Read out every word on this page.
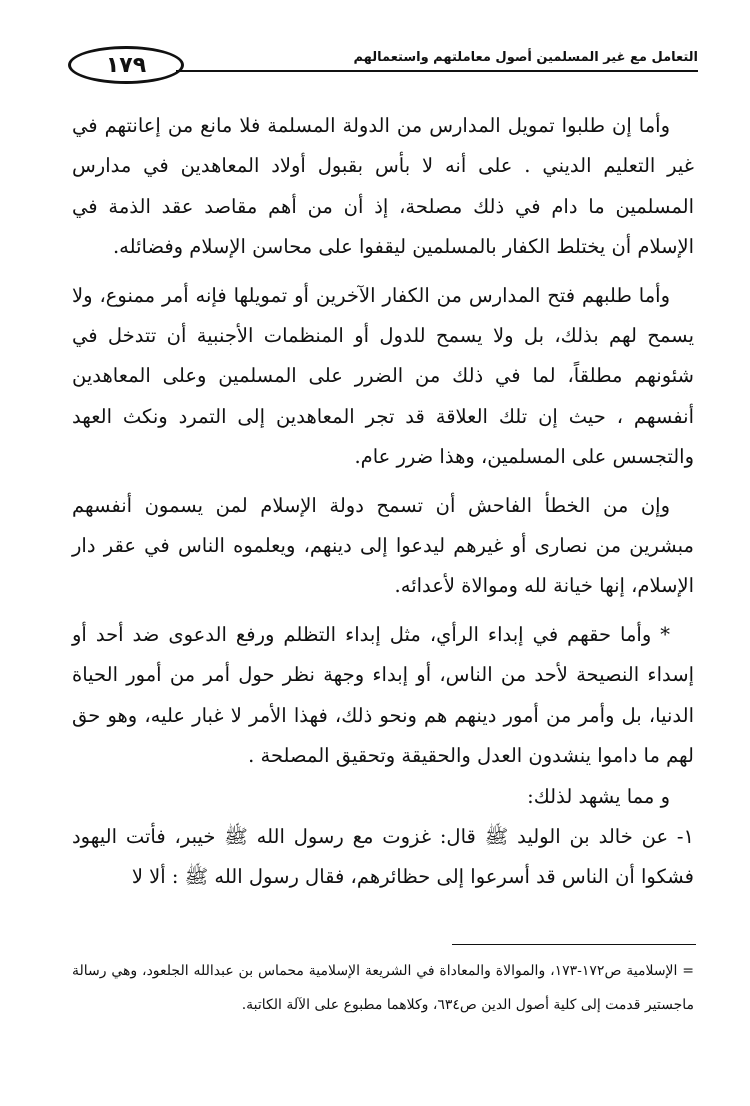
١٧٩	التعامل مع غير المسلمين أصول معاملتهم واستعمالهم

وأما إن طلبوا تمويل المدارس من الدولة المسلمة فلا مانع من إعانتهم في غير التعليم الديني . على أنه لا بأس بقبول أولاد المعاهدين في مدارس المسلمين ما دام في ذلك مصلحة، إذ أن من أهم مقاصد عقد الذمة في الإسلام أن يختلط الكفار بالمسلمين ليقفوا على محاسن الإسلام وفضائله.

وأما طلبهم فتح المدارس من الكفار الآخرين أو تمويلها فإنه أمر ممنوع، ولا يسمح لهم بذلك، بل ولا يسمح للدول أو المنظمات الأجنبية أن تتدخل في شئونهم مطلقاً، لما في ذلك من الضرر على المسلمين وعلى المعاهدين أنفسهم ، حيث إن تلك العلاقة قد تجر المعاهدين إلى التمرد ونكث العهد والتجسس على المسلمين، وهذا ضرر عام.

وإن من الخطأ الفاحش أن تسمح دولة الإسلام لمن يسمون أنفسهم مبشرين من نصارى أو غيرهم ليدعوا إلى دينهم، ويعلموه الناس في عقر دار الإسلام، إنها خيانة لله وموالاة لأعدائه.

* وأما حقهم في إبداء الرأي، مثل إبداء التظلم ورفع الدعوى ضد أحد أو إسداء النصيحة لأحد من الناس، أو إبداء وجهة نظر حول أمر من أمور الحياة الدنيا، بل وأمر من أمور دينهم هم ونحو ذلك، فهذا الأمر لا غبار عليه، وهو حق لهم ما داموا ينشدون العدل والحقيقة وتحقيق المصلحة .

و مما يشهد لذلك:

١- عن خالد بن الوليد ﷺ قال: غزوت مع رسول الله ﷺ خيبر، فأتت اليهود فشكوا أن الناس قد أسرعوا إلى حظائرهم، فقال رسول الله ﷺ : ألا لا

= الإسلامية ص١٧٢-١٧٣، والموالاة والمعاداة في الشريعة الإسلامية محماس بن عبدالله الجلعود، وهي رسالة ماجستير قدمت إلى كلية أصول الدين ص٦٣٤، وكلاهما مطبوع على الآلة الكاتبة.
